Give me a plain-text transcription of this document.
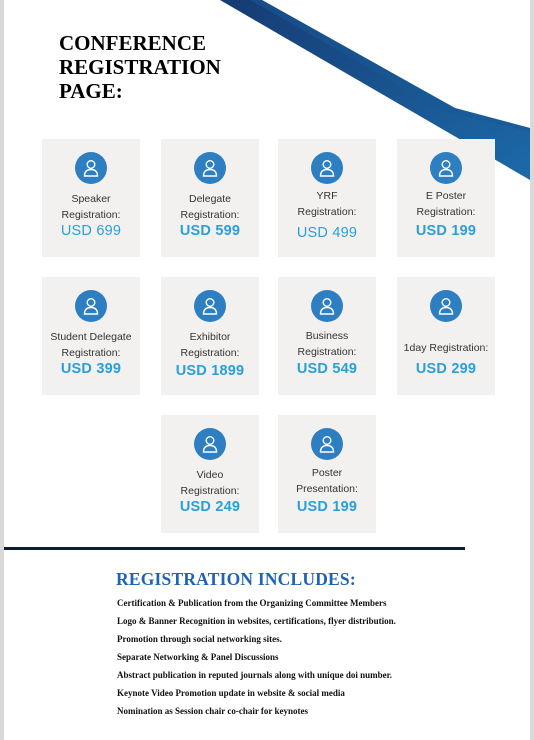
CONFERENCE
REGISTRATION
PAGE:
Speaker
Registration:
USD 699
Delegate
Registration:
USD 599
YRF
Registration:
USD 499
E Poster
Registration:
USD 199
Student Delegate
Registration:
USD 399
Exhibitor
Registration:
USD 1899
Business
Registration:
USD 549
1day Registration:
USD 299
Video
Registration:
USD 249
Poster
Presentation:
USD 199
REGISTRATION INCLUDES:
Certification & Publication from the Organizing Committee Members
Logo & Banner Recognition in websites, certifications, flyer distribution.
Promotion through social networking sites.
Separate Networking & Panel Discussions
Abstract publication in reputed journals along with unique doi number.
Keynote Video Promotion update in website & social media
Nomination as Session chair co-chair for keynotes
